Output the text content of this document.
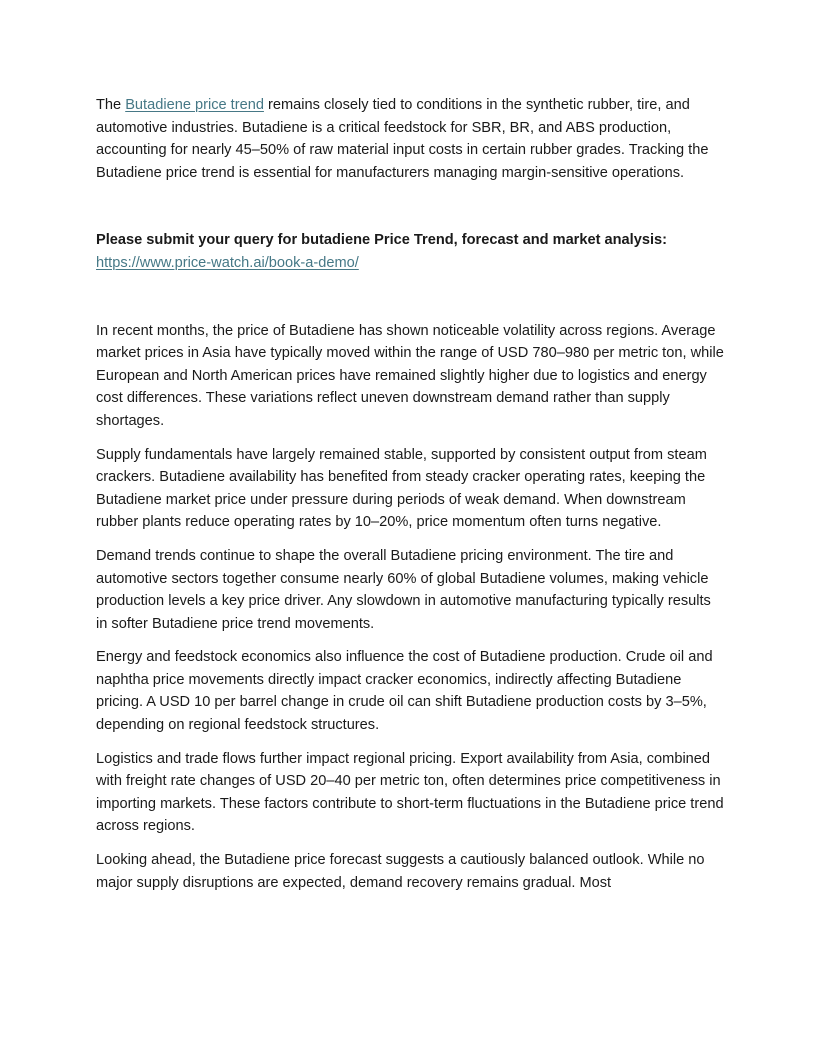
The Butadiene price trend remains closely tied to conditions in the synthetic rubber, tire, and automotive industries. Butadiene is a critical feedstock for SBR, BR, and ABS production, accounting for nearly 45–50% of raw material input costs in certain rubber grades. Tracking the Butadiene price trend is essential for manufacturers managing margin-sensitive operations.

Please submit your query for butadiene Price Trend, forecast and market analysis:

https://www.price-watch.ai/book-a-demo/

In recent months, the price of Butadiene has shown noticeable volatility across regions. Average market prices in Asia have typically moved within the range of USD 780–980 per metric ton, while European and North American prices have remained slightly higher due to logistics and energy cost differences. These variations reflect uneven downstream demand rather than supply shortages.

Supply fundamentals have largely remained stable, supported by consistent output from steam crackers. Butadiene availability has benefited from steady cracker operating rates, keeping the Butadiene market price under pressure during periods of weak demand. When downstream rubber plants reduce operating rates by 10–20%, price momentum often turns negative.

Demand trends continue to shape the overall Butadiene pricing environment. The tire and automotive sectors together consume nearly 60% of global Butadiene volumes, making vehicle production levels a key price driver. Any slowdown in automotive manufacturing typically results in softer Butadiene price trend movements.

Energy and feedstock economics also influence the cost of Butadiene production. Crude oil and naphtha price movements directly impact cracker economics, indirectly affecting Butadiene pricing. A USD 10 per barrel change in crude oil can shift Butadiene production costs by 3–5%, depending on regional feedstock structures.

Logistics and trade flows further impact regional pricing. Export availability from Asia, combined with freight rate changes of USD 20–40 per metric ton, often determines price competitiveness in importing markets. These factors contribute to short-term fluctuations in the Butadiene price trend across regions.

Looking ahead, the Butadiene price forecast suggests a cautiously balanced outlook. While no major supply disruptions are expected, demand recovery remains gradual. Most
